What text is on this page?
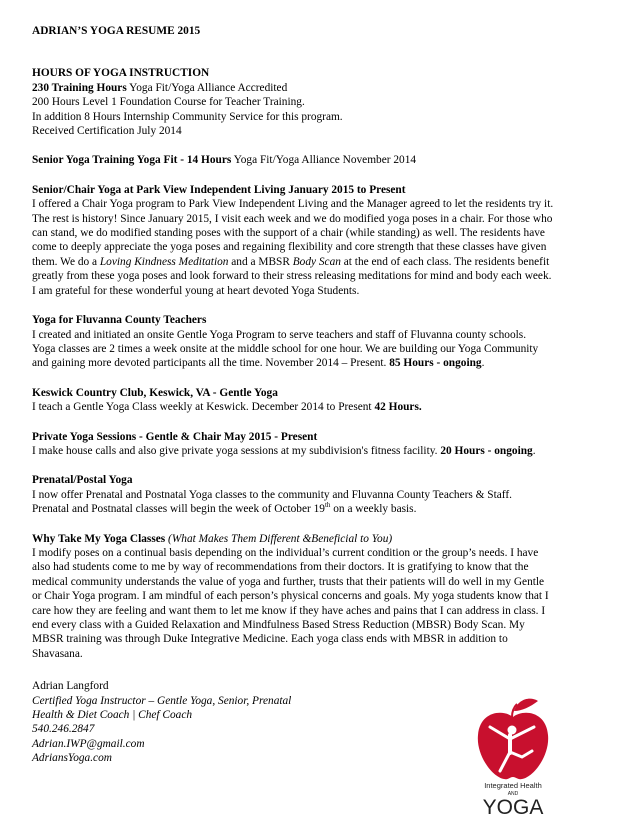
ADRIAN’S YOGA RESUME 2015
HOURS OF YOGA INSTRUCTION
230 Training Hours Yoga Fit/Yoga Alliance Accredited
200 Hours Level 1 Foundation Course for Teacher Training.
In addition 8 Hours Internship Community Service for this program.
Received Certification July 2014
Senior Yoga Training Yoga Fit - 14 Hours Yoga Fit/Yoga Alliance November 2014
Senior/Chair Yoga at Park View Independent Living January 2015 to Present
I offered a Chair Yoga program to Park View Independent Living and the Manager agreed to let the residents try it.
The rest is history! Since January 2015, I visit each week and we do modified yoga poses in a chair. For those who
can stand, we do modified standing poses with the support of a chair (while standing) as well. The residents have
come to deeply appreciate the yoga poses and regaining flexibility and core strength that these classes have given
them. We do a Loving Kindness Meditation and a MBSR Body Scan at the end of each class. The residents benefit
greatly from these yoga poses and look forward to their stress releasing meditations for mind and body each week.
I am grateful for these wonderful young at heart devoted Yoga Students.
Yoga for Fluvanna County Teachers
I created and initiated an onsite Gentle Yoga Program to serve teachers and staff of Fluvanna county schools.
Yoga classes are 2 times a week onsite at the middle school for one hour. We are building our Yoga Community
and gaining more devoted participants all the time. November 2014 – Present. 85 Hours - ongoing.
Keswick Country Club, Keswick, VA - Gentle Yoga
I teach a Gentle Yoga Class weekly at Keswick. December 2014 to Present 42 Hours.
Private Yoga Sessions - Gentle & Chair May 2015 - Present
I make house calls and also give private yoga sessions at my subdivision's fitness facility. 20 Hours - ongoing.
Prenatal/Postal Yoga
I now offer Prenatal and Postnatal Yoga classes to the community and Fluvanna County Teachers & Staff.
Prenatal and Postnatal classes will begin the week of October 19th on a weekly basis.
Why Take My Yoga Classes (What Makes Them Different &Beneficial to You)
I modify poses on a continual basis depending on the individual’s current condition or the group’s needs. I have
also had students come to me by way of recommendations from their doctors. It is gratifying to know that the
medical community understands the value of yoga and further, trusts that their patients will do well in my Gentle
or Chair Yoga program. I am mindful of each person’s physical concerns and goals. My yoga students know that I
care how they are feeling and want them to let me know if they have aches and pains that I can address in class. I
end every class with a Guided Relaxation and Mindfulness Based Stress Reduction (MBSR) Body Scan. My
MBSR training was through Duke Integrative Medicine. Each yoga class ends with MBSR in addition to
Shavasana.
Adrian Langford
Certified Yoga Instructor – Gentle Yoga, Senior, Prenatal
Health & Diet Coach | Chef Coach
540.246.2847
Adrian.IWP@gmail.com
AdriansYoga.com
Integrated Health
AND
YOGA
